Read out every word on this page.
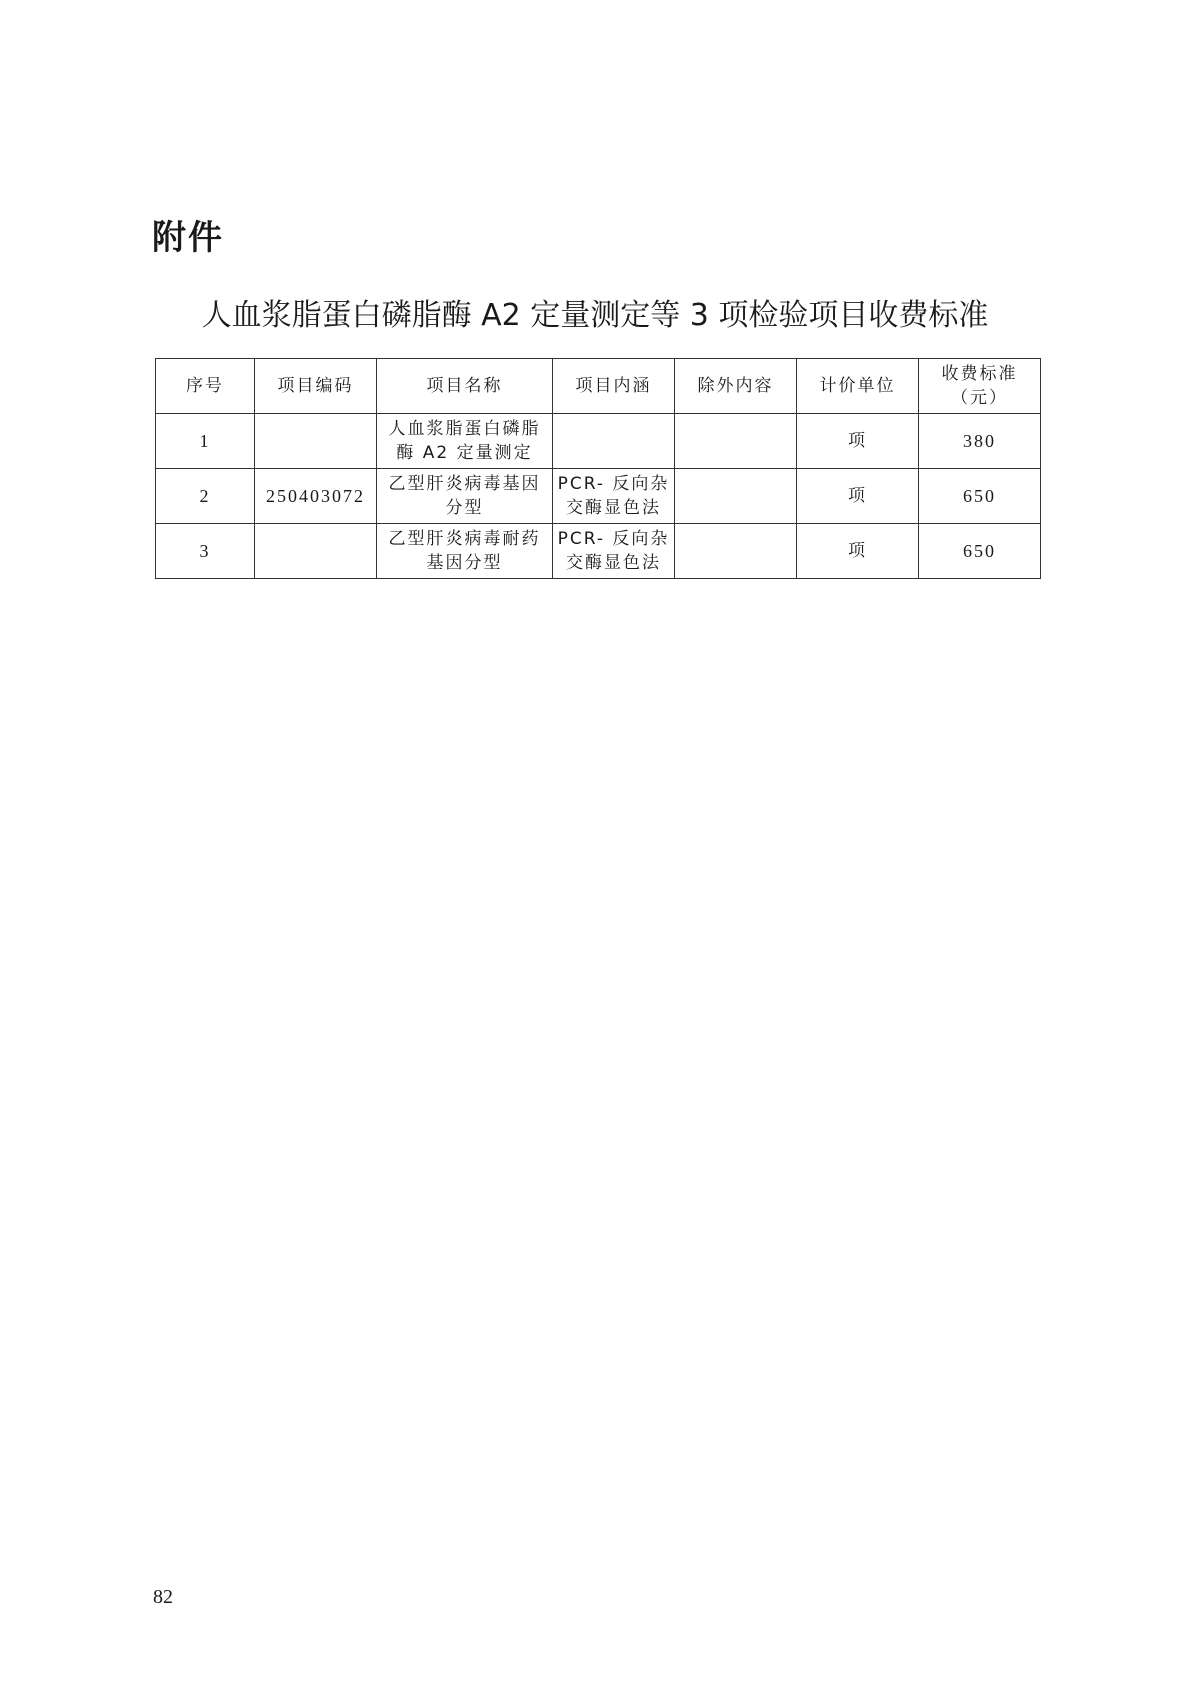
附件
人血浆脂蛋白磷脂酶 A2 定量测定等 3 项检验项目收费标准
序号	项目编码	项目名称	项目内涵	除外内容	计价单位	收费标准（元）
1		人血浆脂蛋白磷脂酶 A2 定量测定			项	380
2	250403072	乙型肝炎病毒基因分型	PCR- 反向杂交酶显色法		项	650
3		乙型肝炎病毒耐药基因分型	PCR- 反向杂交酶显色法		项	650
82
